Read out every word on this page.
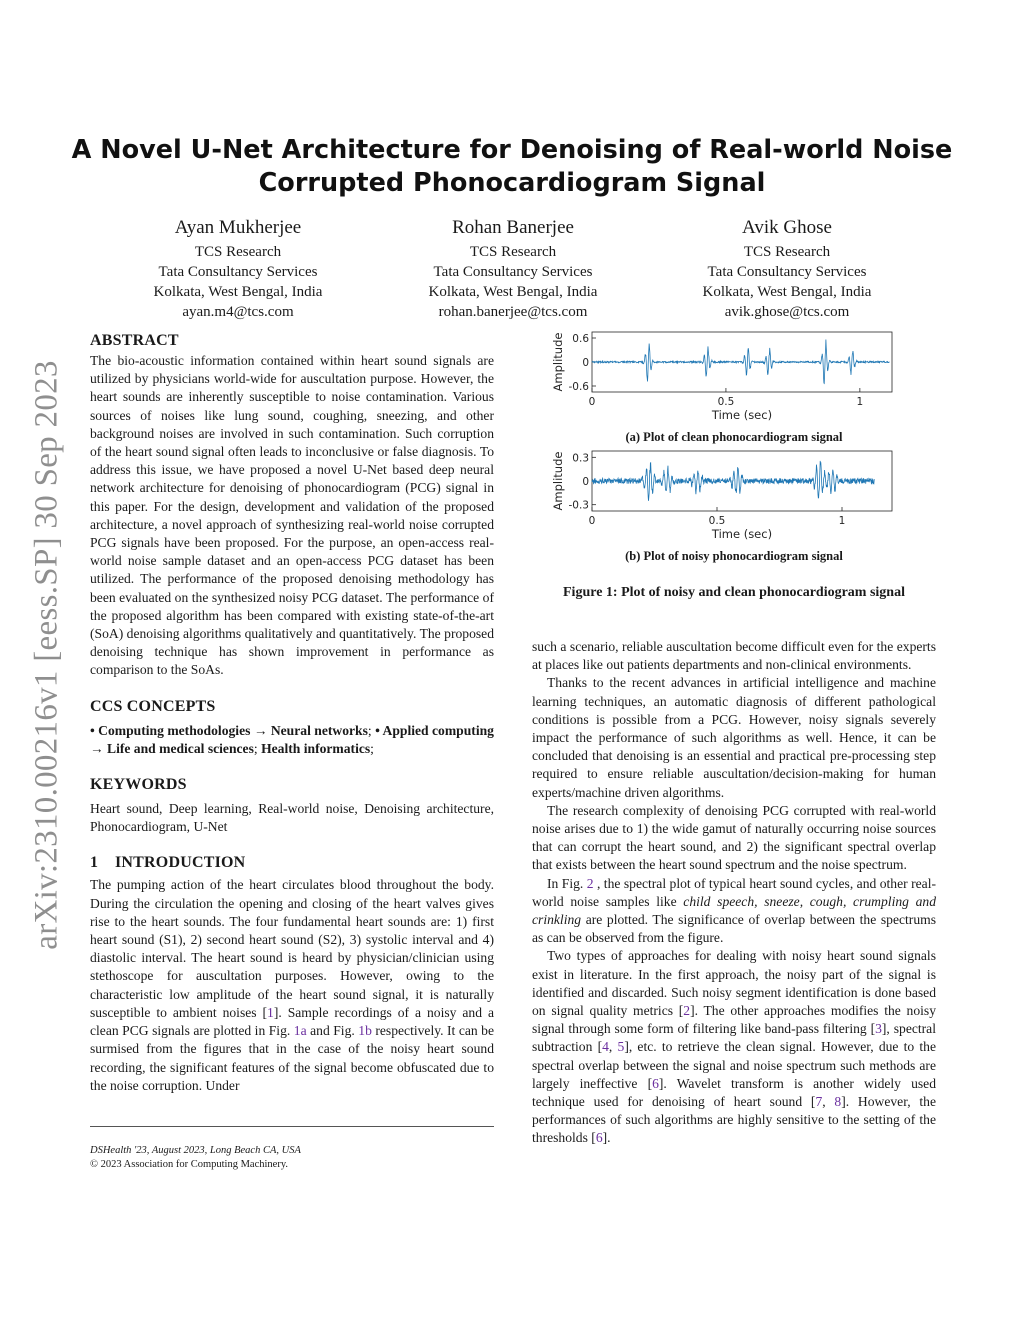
arXiv:2310.00216v1 [eess.SP] 30 Sep 2023
A Novel U-Net Architecture for Denoising of Real-world Noise
Corrupted Phonocardiogram Signal
Ayan Mukherjee
TCS Research
Tata Consultancy Services
Kolkata, West Bengal, India
ayan.m4@tcs.com
Rohan Banerjee
TCS Research
Tata Consultancy Services
Kolkata, West Bengal, India
rohan.banerjee@tcs.com
Avik Ghose
TCS Research
Tata Consultancy Services
Kolkata, West Bengal, India
avik.ghose@tcs.com
ABSTRACT

The bio-acoustic information contained within heart sound signals are utilized by physicians world-wide for auscultation purpose. However, the heart sounds are inherently susceptible to noise contamination. Various sources of noises like lung sound, coughing, sneezing, and other background noises are involved in such contamination. Such corruption of the heart sound signal often leads to inconclusive or false diagnosis. To address this issue, we have proposed a novel U-Net based deep neural network architecture for denoising of phonocardiogram (PCG) signal in this paper. For the design, development and validation of the proposed architecture, a novel approach of synthesizing real-world noise corrupted PCG signals have been proposed. For the purpose, an open-access real-world noise sample dataset and an open-access PCG dataset has been utilized. The performance of the proposed denoising methodology has been evaluated on the synthesized noisy PCG dataset. The performance of the proposed algorithm has been compared with existing state-of-the-art (SoA) denoising algorithms qualitatively and quantitatively. The proposed denoising technique has shown improvement in performance as comparison to the SoAs.

CCS CONCEPTS

• Computing methodologies → Neural networks; • Applied computing → Life and medical sciences; Health informatics;

KEYWORDS

Heart sound, Deep learning, Real-world noise, Denoising architecture, Phonocardiogram, U-Net

1    INTRODUCTION

The pumping action of the heart circulates blood throughout the body. During the circulation the opening and closing of the heart valves gives rise to the heart sounds. The four fundamental heart sounds are: 1) first heart sound (S1), 2) second heart sound (S2), 3) systolic interval and 4) diastolic interval. The heart sound is heard by physician/clinician using stethoscope for auscultation purposes. However, owing to the characteristic low amplitude of the heart sound signal, it is naturally susceptible to ambient noises [1]. Sample recordings of a noisy and a clean PCG signals are plotted in Fig. 1a and Fig. 1b respectively. It can be surmised from the figures that in the case of the noisy heart sound recording, the significant features of the signal become obfuscated due to the noise corruption. Under

DSHealth '23, August 2023, Long Beach CA, USA
© 2023 Association for Computing Machinery.
Amplitude 0.6
0
-0.6
0	0.5	1
Time (sec)
(a) Plot of clean phonocardiogram signal
Amplitude 0.3
0
-0.3
0	0.5	1
Time (sec)
(b) Plot of noisy phonocardiogram signal
Figure 1: Plot of noisy and clean phonocardiogram signal

such a scenario, reliable auscultation become difficult even for the experts at places like out patients departments and non-clinical environments.

Thanks to the recent advances in artificial intelligence and machine learning techniques, an automatic diagnosis of different pathological conditions is possible from a PCG. However, noisy signals severely impact the performance of such algorithms as well. Hence, it can be concluded that denoising is an essential and practical pre-processing step required to ensure reliable auscultation/decision-making for human experts/machine driven algorithms.

The research complexity of denoising PCG corrupted with real-world noise arises due to 1) the wide gamut of naturally occurring noise sources that can corrupt the heart sound, and 2) the significant spectral overlap that exists between the heart sound spectrum and the noise spectrum.

In Fig. 2 , the spectral plot of typical heart sound cycles, and other real-world noise samples like child speech, sneeze, cough, crumpling and crinkling are plotted. The significance of overlap between the spectrums as can be observed from the figure.

Two types of approaches for dealing with noisy heart sound signals exist in literature. In the first approach, the noisy part of the signal is identified and discarded. Such noisy segment identification is done based on signal quality metrics [2]. The other approaches modifies the noisy signal through some form of filtering like band-pass filtering [3], spectral subtraction [4, 5], etc. to retrieve the clean signal. However, due to the spectral overlap between the signal and noise spectrum such methods are largely ineffective [6]. Wavelet transform is another widely used technique used for denoising of heart sound [7, 8]. However, the performances of such algorithms are highly sensitive to the setting of the thresholds [6].
